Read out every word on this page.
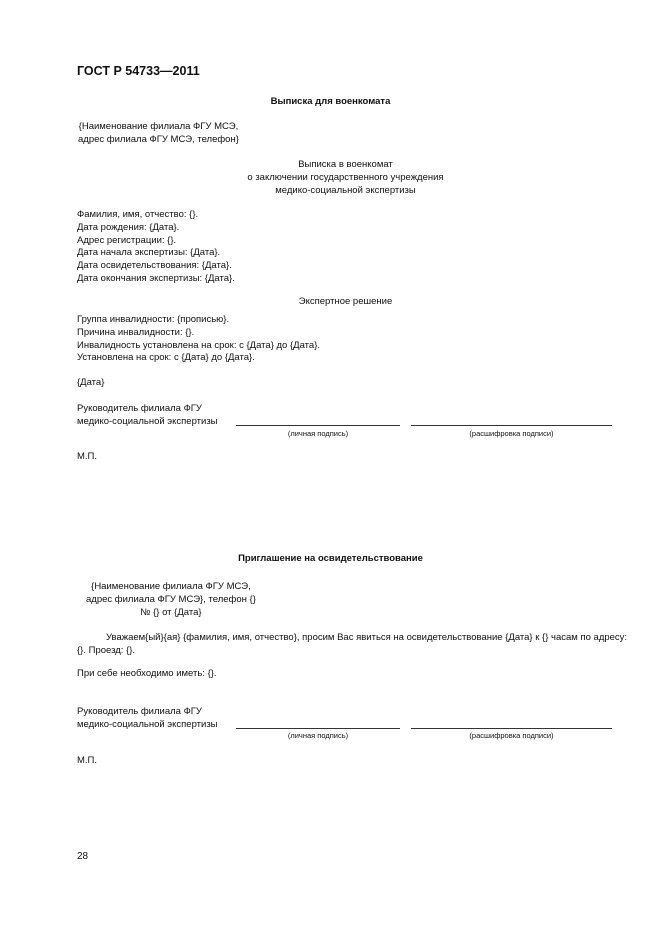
ГОСТ Р 54733—2011
Выписка для военкомата
{Наименование филиала ФГУ МСЭ,
адрес филиала ФГУ МСЭ, телефон}
Выписка в военкомат
о заключении государственного учреждения
медико-социальной экспертизы
Фамилия, имя, отчество: {}.
Дата рождения: {Дата}.
Адрес регистрации: {}.
Дата начала экспертизы: {Дата}.
Дата освидетельствования: {Дата}.
Дата окончания экспертизы: {Дата}.
Экспертное решение
Группа инвалидности: {прописью}.
Причина инвалидности: {}.
Инвалидность установлена на срок: с {Дата} до {Дата}.
Установлена на срок: с {Дата} до {Дата}.
{Дата}
Руководитель филиала ФГУ
медико-социальной экспертизы
(личная подпись)	(расшифровка подписи)
М.П.
Приглашение на освидетельствование
{Наименование филиала ФГУ МСЭ,
адрес филиала ФГУ МСЭ}, телефон {}
№ {} от {Дата}
Уважаем{ый}{ая} {фамилия, имя, отчество}, просим Вас явиться на освидетельствование {Дата} к {} часам по адресу: {}. Проезд: {}.
При себе необходимо иметь: {}.
Руководитель филиала ФГУ
медико-социальной экспертизы
(личная подпись)	(расшифровка подписи)
М.П.
28
